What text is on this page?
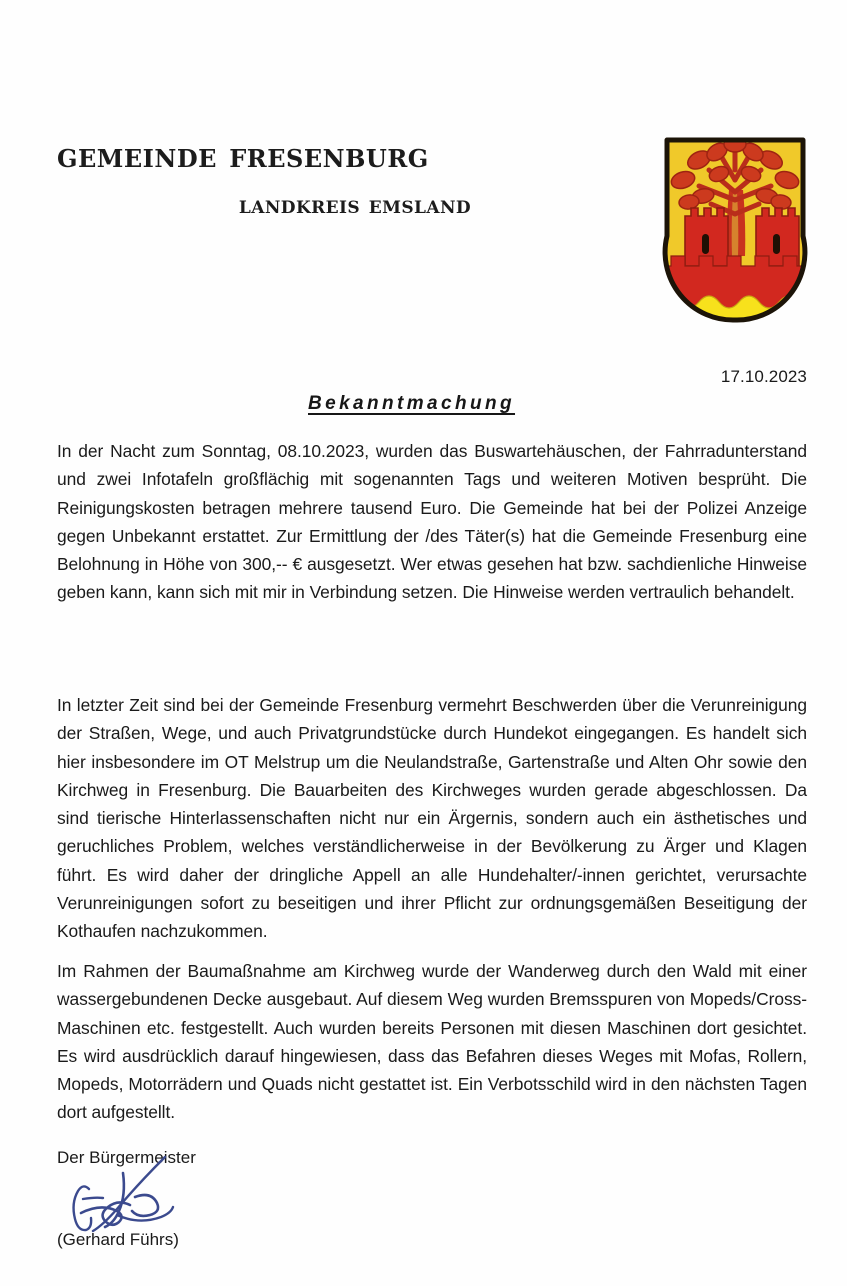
gemeinde fresenburg
landkreis emsland
17.10.2023
Bekanntmachung

In der Nacht zum Sonntag, 08.10.2023, wurden das Buswartehäuschen, der Fahrradunterstand und zwei Infotafeln großflächig mit sogenannten Tags und weiteren Motiven besprüht. Die Reinigungskosten betragen mehrere tausend Euro. Die Gemeinde hat bei der Polizei Anzeige gegen Unbekannt erstattet. Zur Ermittlung der /des Täter(s) hat die Gemeinde Fresenburg eine Belohnung in Höhe von 300,-- € ausgesetzt. Wer etwas gesehen hat bzw. sachdienliche Hinweise geben kann, kann sich mit mir in Verbindung setzen. Die Hinweise werden vertraulich behandelt.

In letzter Zeit sind bei der Gemeinde Fresenburg vermehrt Beschwerden über die Verunreinigung der Straßen, Wege, und auch Privatgrundstücke durch Hundekot eingegangen. Es handelt sich hier insbesondere im OT Melstrup um die Neulandstraße, Gartenstraße und Alten Ohr sowie den Kirchweg in Fresenburg. Die Bauarbeiten des Kirchweges wurden gerade abgeschlossen. Da sind tierische Hinterlassenschaften nicht nur ein Ärgernis, sondern auch ein ästhetisches und geruchliches Problem, welches verständlicherweise in der Bevölkerung zu Ärger und Klagen führt. Es wird daher der dringliche Appell an alle Hundehalter/-innen gerichtet, verursachte Verunreinigungen sofort zu beseitigen und ihrer Pflicht zur ordnungsgemäßen Beseitigung der Kothaufen nachzukommen.

Im Rahmen der Baumaßnahme am Kirchweg wurde der Wanderweg durch den Wald mit einer wassergebundenen Decke ausgebaut. Auf diesem Weg wurden Bremsspuren von Mopeds/Cross-Maschinen etc. festgestellt. Auch wurden bereits Personen mit diesen Maschinen dort gesichtet. Es wird ausdrücklich darauf hingewiesen, dass das Befahren dieses Weges mit Mofas, Rollern, Mopeds, Motorrädern und Quads nicht gestattet ist. Ein Verbotsschild wird in den nächsten Tagen dort aufgestellt.

Der Bürgermeister
(Gerhard Führs)
